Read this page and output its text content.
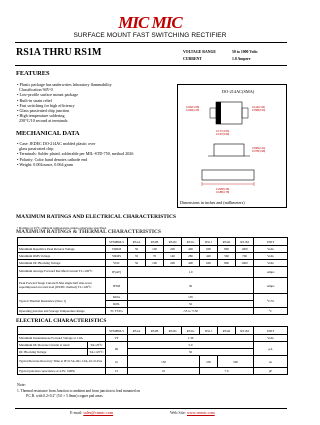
MIC MIC
SURFACE MOUNT FAST SWITCHING RECTIFIER
RS1A THRU RS1M	VOLTAGE RANGE	50 to 1000 Volts
CURRENT	1.0 Ampere
FEATURES
• Plastic package has underwrites laboratory flammability
Classification 94V-0
• Low-profile surface mount package
• Built-in strain relief
• Fast switching for high efficiency
• Glass passivated chip junction
• High temperature soldering
250°C/10 second at terminals
MECHANICAL DATA
• Case: JEDEC DO-214AC molded plastic over
glass passivated chip
• Terminals: Solder plated, solderable per MIL-STD-750, method 2026
• Polarity: Color band denotes cathode end
• Weight: 0.002ounce, 0.064 gram
DO-214AC(SMA)
0.062(1.58)
0.049(1.25)
0.114(2.90)
0.098(2.50)
0.177(4.50)
0.157(3.99)
0.096(2.44)
0.078(1.98)
0.208(5.28)
0.188(4.78)
Dimensions in inches and (millimeters)
MAXIMUM RATINGS AND ELECTRICAL CHARACTERISTICS
• Ratings at 25°C ambient temperature unless otherwise specified.
MAXIMUM RATINGS & THERMAL CHARACTERISTICS
	SYMBOLS	RS1A	RS1B	RS1D	RS1G	RS1J	RS1K	RS1M	UNIT
Maximum Repetitive Peak Reverse Voltage	VRRM	50	100	200	400	600	800	1000	Volts
Maximum RMS Voltage	VRMS	35	70	140	280	420	560	700	Volts
Maximum DC Blocking Voltage	VDC	50	100	200	400	600	800	1000	Volts
Maximum Average Forward Rectified Current TL=100°C	IF(AV)	1.0							Amps
Peak Forward Surge Current 8.3ms single half sine-wave superimposed on rated load (JEDEC method) TL=100°C	IFSM	30							Amps
Typical Thermal Resistance (Note 1)	RθJA	105							°C/W
	RθJL	32							
Operating junction and Storage Temperature Range	TJ, TSTG	-55 to +150							°C
ELECTRICAL CHARACTERISTICS
		SYMBOLS	RS1A	RS1B	RS1D	RS1G	RS1J	RS1K	RS1M	UNIT
Maximum Instantaneous Forward Voltage at 1.0A		VF	1.30							Volts
Maximum DC Reverse Current at rated	TA=25°C	IR	5.0							μA
DC Blocking Voltage	TA=125°C		50							
Typical Reverse Recovery Time at IF=0.5A, IR=1.0A, Irr=0.25A		trr	150				250	500		ns
Typical junction capacitance at 4.0V, 1MHz		CJ	10				7.0			pF
Note:
1. Thermal resistance from Junction to ambient and from junction to lead mounted on
P.C.B. with 0.2×0.2" (5.0 × 5.0mm) copper pad areas.
E-mail: sales@cnmic.com	Web Site: www.cnmic.com
